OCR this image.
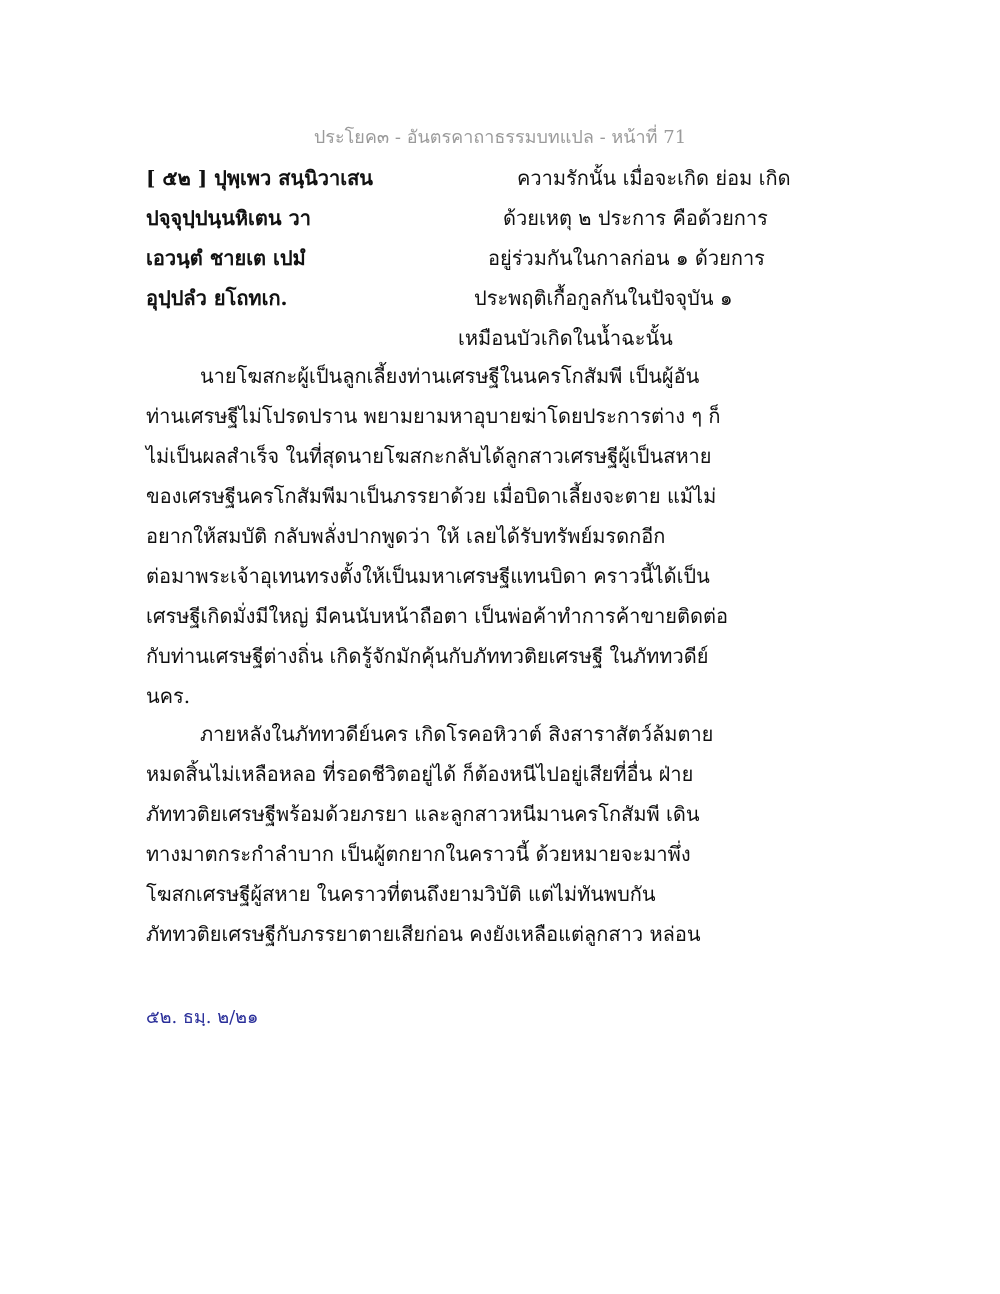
ประโยค๓ - อันตรคาถาธรรมบทแปล - หน้าที่ 71
[ ๕๒ ] ปุพฺเพว สนฺนิวาเสน	ความรักนั้น เมื่อจะเกิด ย่อม เกิด
ปจฺจุปฺปนฺนหิเตน วา	ด้วยเหตุ ๒ ประการ คือด้วยการ
เอวนฺตํ ชายเต เปมํ	อยู่ร่วมกันในกาลก่อน ๑ ด้วยการ
อุปฺปลํว ยโถทเก.	ประพฤติเกื้อกูลกันในปัจจุบัน ๑
เหมือนบัวเกิดในน้ำฉะนั้น
นายโฆสกะผู้เป็นลูกเลี้ยงท่านเศรษฐีในนครโกสัมพี เป็นผู้อัน
ท่านเศรษฐีไม่โปรดปราน พยามยามหาอุบายฆ่าโดยประการต่าง ๆ ก็
ไม่เป็นผลสำเร็จ ในที่สุดนายโฆสกะกลับได้ลูกสาวเศรษฐีผู้เป็นสหาย
ของเศรษฐีนครโกสัมพีมาเป็นภรรยาด้วย เมื่อบิดาเลี้ยงจะตาย แม้ไม่
อยากให้สมบัติ กลับพลั่งปากพูดว่า ให้ เลยได้รับทรัพย์มรดกอีก
ต่อมาพระเจ้าอุเทนทรงตั้งให้เป็นมหาเศรษฐีแทนบิดา คราวนี้ได้เป็น
เศรษฐีเกิดมั่งมีใหญ่ มีคนนับหน้าถือตา เป็นพ่อค้าทำการค้าขายติดต่อ
กับท่านเศรษฐีต่างถิ่น เกิดรู้จักมักคุ้นกับภัททวติยเศรษฐี ในภัททวดีย์
นคร.
ภายหลังในภัททวดีย์นคร เกิดโรคอหิวาต์ สิงสาราสัตว์ล้มตาย
หมดสิ้นไม่เหลือหลอ ที่รอดชีวิตอยู่ได้ ก็ต้องหนีไปอยู่เสียที่อื่น ฝ่าย
ภัททวติยเศรษฐีพร้อมด้วยภรยา และลูกสาวหนีมานครโกสัมพี เดิน
ทางมาตกระกำลำบาก เป็นผู้ตกยากในคราวนี้ ด้วยหมายจะมาพึ่ง
โฆสกเศรษฐีผู้สหาย ในคราวที่ตนถึงยามวิบัติ แต่ไม่ทันพบกัน
ภัททวติยเศรษฐีกับภรรยาตายเสียก่อน คงยังเหลือแต่ลูกสาว หล่อน
๕๒. ธมฺ. ๒/๒๑
